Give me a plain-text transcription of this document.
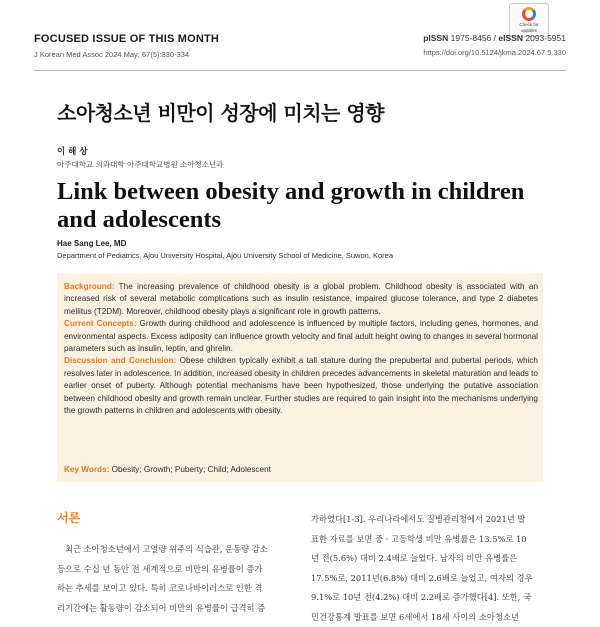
FOCUSED ISSUE OF THIS MONTH
J Korean Med Assoc 2024 May; 67(5):330-334
Check for
updates
pISSN 1975-8456 / eISSN 2093-5951
https://doi.org/10.5124/jkma.2024.67.5.330
소아청소년 비만이 성장에 미치는 영향
이 해 상
아주대학교 의과대학 아주대학교병원 소아청소년과
Link between obesity and growth in children and adolescents
Hae Sang Lee, MD
Department of Pediatrics, Ajou University Hospital, Ajou University School of Medicine, Suwon, Korea

Background: The increasing prevalence of childhood obesity is a global problem. Childhood obesity is associated with an increased risk of several metabolic complications such as insulin resistance, impaired glucose tolerance, and type 2 diabetes mellitus (T2DM). Moreover, childhood obesity plays a significant role in growth patterns.

Current Concepts: Growth during childhood and adolescence is influenced by multiple factors, including genes, hormones, and environmental aspects. Excess adiposity can influence growth velocity and final adult height owing to changes in several hormonal parameters such as insulin, leptin, and ghrelin.

Discussion and Conclusion: Obese children typically exhibit a tall stature during the prepubertal and pubertal periods, which resolves later in adolescence. In addition, increased obesity in children precedes advancements in skeletal maturation and leads to earlier onset of puberty. Although potential mechanisms have been hypothesized, those underlying the putative association between childhood obesity and growth remain unclear. Further studies are required to gain insight into the mechanisms underlying the growth patterns in children and adolescents with obesity.

Key Words: Obesity; Growth; Puberty; Child; Adolescent
서론

최근 소아청소년에서 고열량 위주의 식습관, 운동량 감소

등으로 수십 년 동안 전 세계적으로 비만의 유병률이 증가

하는 추세를 보이고 있다. 특히 코로나바이러스로 인한 격

리기간에는 활동량이 감소되어 비만의 유병률이 급격히 증

가하였다[1-3]. 우리나라에서도 질병관리청에서 2021년 발

표한 자료를 보면 중 · 고등학생 비만 유병률은 13.5%로 10

년 전(5.6%) 대비 2.4배로 늘었다. 남자의 비만 유병률은

17.5%로, 2011년(6.8%) 대비 2.6배로 늘었고, 여자의 경우

9.1%로 10년 전(4.2%) 대비 2.2배로 증가했다[4]. 또한, 국

민건강통계 발표를 보면 6세에서 18세 사이의 소아청소년
